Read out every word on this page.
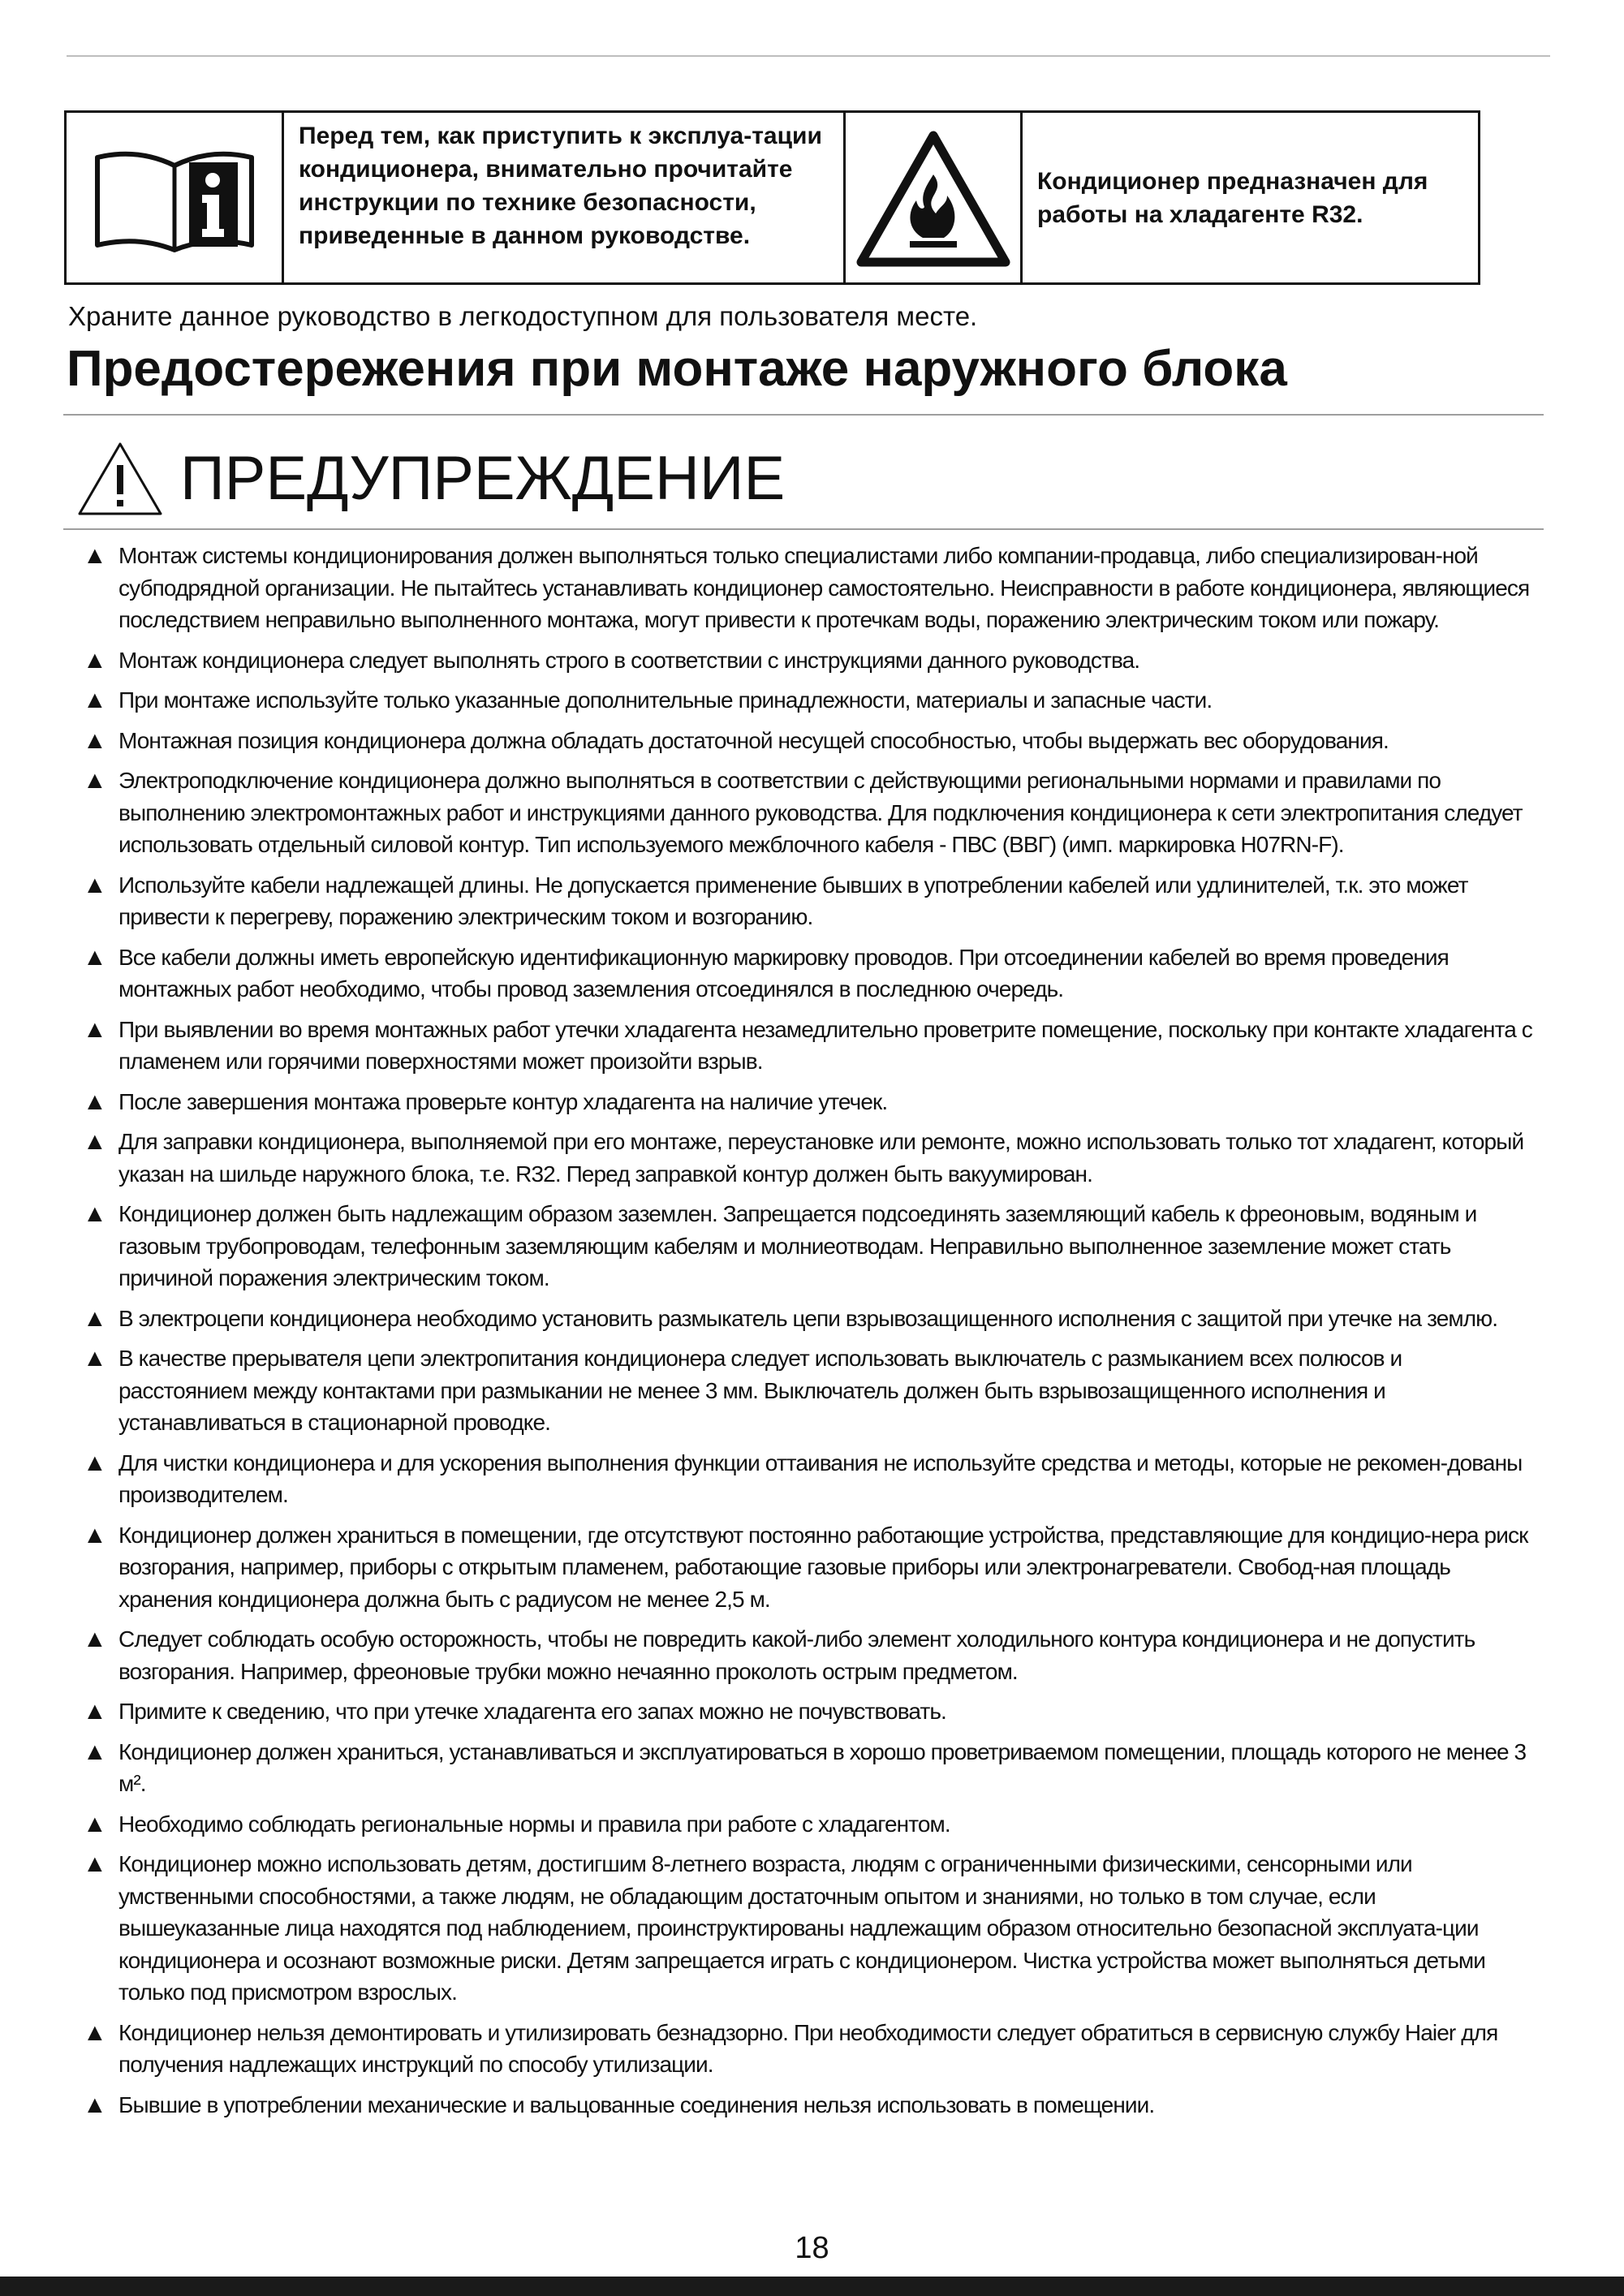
Перед тем, как приступить к эксплуа-тации кондиционера, внимательно прочитайте инструкции по технике безопасности, приведенные в данном руководстве.
Кондиционер предназначен для работы на хладагенте R32.
Храните данное руководство в легкодоступном для пользователя месте.
Предостережения при монтаже наружного блока
ПРЕДУПРЕЖДЕНИЕ
▲ Монтаж системы кондиционирования должен выполняться только специалистами либо компании-продавца, либо специализирован-ной субподрядной организации. Не пытайтесь устанавливать кондиционер самостоятельно. Неисправности в работе кондиционера, являющиеся последствием неправильно выполненного монтажа, могут привести к протечкам воды, поражению электрическим током или пожару.
▲ Монтаж кондиционера следует выполнять строго в соответствии с инструкциями данного руководства.
▲ При монтаже используйте только указанные дополнительные принадлежности, материалы и запасные части.
▲ Монтажная позиция кондиционера должна обладать достаточной несущей способностью, чтобы выдержать вес оборудования.
▲ Электроподключение кондиционера должно выполняться в соответствии с действующими региональными нормами и правилами по выполнению электромонтажных работ и инструкциями данного руководства. Для подключения кондиционера к сети электропитания следует использовать отдельный силовой контур. Тип используемого межблочного кабеля - ПВС (ВВГ) (имп. маркировка H07RN-F).
▲ Используйте кабели надлежащей длины. Не допускается применение бывших в употреблении кабелей или удлинителей, т.к. это может привести к перегреву, поражению электрическим током и возгоранию.
▲ Все кабели должны иметь европейскую идентификационную маркировку проводов. При отсоединении кабелей во время проведения монтажных работ необходимо, чтобы провод заземления отсоединялся в последнюю очередь.
▲ При выявлении во время монтажных работ утечки хладагента незамедлительно проветрите помещение, поскольку при контакте хладагента с пламенем или горячими поверхностями может произойти взрыв.
▲ После завершения монтажа проверьте контур хладагента на наличие утечек.
▲ Для заправки кондиционера, выполняемой при его монтаже, переустановке или ремонте, можно использовать только тот хладагент, который указан на шильде наружного блока, т.е. R32. Перед заправкой контур должен быть вакуумирован.
▲ Кондиционер должен быть надлежащим образом заземлен. Запрещается подсоединять заземляющий кабель к фреоновым, водяным и газовым трубопроводам, телефонным заземляющим кабелям и молниеотводам. Неправильно выполненное заземление может стать причиной поражения электрическим током.
▲ В электроцепи кондиционера необходимо установить размыкатель цепи взрывозащищенного исполнения с защитой при утечке на землю.
▲ В качестве прерывателя цепи электропитания кондиционера следует использовать выключатель с размыканием всех полюсов и расстоянием между контактами при размыкании не менее 3 мм. Выключатель должен быть взрывозащищенного исполнения и устанавливаться в стационарной проводке.
▲ Для чистки кондиционера и для ускорения выполнения функции оттаивания не используйте средства и методы, которые не рекомен-дованы производителем.
▲ Кондиционер должен храниться в помещении, где отсутствуют постоянно работающие устройства, представляющие для кондицио-нера риск возгорания, например, приборы с открытым пламенем, работающие газовые приборы или электронагреватели. Свобод-ная площадь хранения кондиционера должна быть с радиусом не менее 2,5 м.
▲ Следует соблюдать особую осторожность, чтобы не повредить какой-либо элемент холодильного контура кондиционера и не допустить возгорания. Например, фреоновые трубки можно нечаянно проколоть острым предметом.
▲ Примите к сведению, что при утечке хладагента его запах можно не почувствовать.
▲ Кондиционер должен храниться, устанавливаться и эксплуатироваться в хорошо проветриваемом помещении, площадь которого не менее 3 м².
▲ Необходимо соблюдать региональные нормы и правила при работе с хладагентом.
▲ Кондиционер можно использовать детям, достигшим 8-летнего возраста, людям с ограниченными физическими, сенсорными или умственными способностями, а также людям, не обладающим достаточным опытом и знаниями, но только в том случае, если вышеуказанные лица находятся под наблюдением, проинструктированы надлежащим образом относительно безопасной эксплуата-ции кондиционера и осознают возможные риски. Детям запрещается играть с кондиционером. Чистка устройства может выполняться детьми только под присмотром взрослых.
▲ Кондиционер нельзя демонтировать и утилизировать безнадзорно. При необходимости следует обратиться в сервисную службу Haier для получения надлежащих инструкций по способу утилизации.
▲ Бывшие в употреблении механические и вальцованные соединения нельзя использовать в помещении.
18
